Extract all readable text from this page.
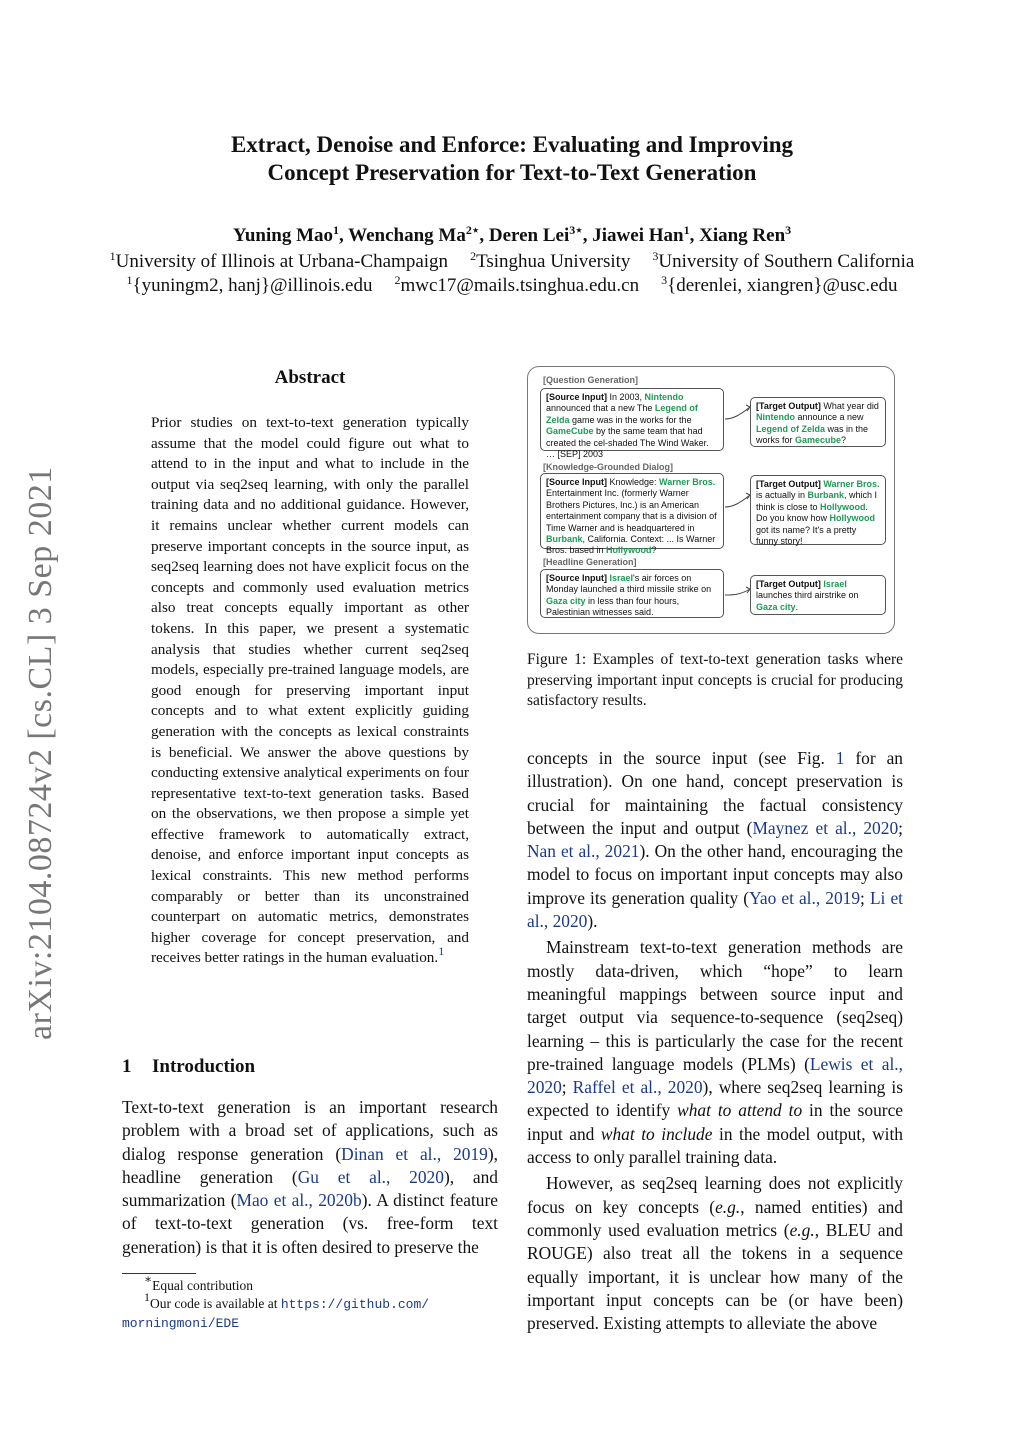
Extract, Denoise and Enforce: Evaluating and Improving
Concept Preservation for Text-to-Text Generation
Yuning Mao$^1$, Wenchang $Ma^{2⋆}$, Deren Lei$^{3⋆}$, Jiawei Han$^1$, Xiang Ren$^3$
$^1$University of Illinois at Urbana-Champaign $^2$Tsinghua University $^3$University of Southern California
$^1${yuningm2, hanj}@illinois.edu $^2$mwc17@mails.tsinghua.edu.cn $^3${derenlei, xiangren}@usc.edu
arXiv:2104.08724v2 [cs.CL] 3 Sep 2021
Abstract
Prior studies on text-to-text generation typically assume that the model could figure out what to attend to in the input and what to include in the output via seq2seq learning, with only the parallel training data and no additional guidance. However, it remains unclear whether current models can preserve important concepts in the source input, as seq2seq learning does not have explicit focus on the concepts and commonly used evaluation metrics also treat concepts equally important as other tokens. In this paper, we present a systematic analysis that studies whether current seq2seq models, especially pre-trained language models, are good enough for preserving important input concepts and to what extent explicitly guiding generation with the concepts as lexical constraints is beneficial. We answer the above questions by conducting extensive analytical experiments on four representative text-to-text generation tasks. Based on the observations, we then propose a simple yet effective framework to automatically extract, denoise, and enforce important input concepts as lexical constraints. This new method performs comparably or better than its unconstrained counterpart on automatic metrics, demonstrates higher coverage for concept preservation, and receives better ratings in the human evaluation.$^1$
1 Introduction
Text-to-text generation is an important research problem with a broad set of applications, such as dialog response generation (Dinan et al., 2019), headline generation (Gu et al., 2020), and summarization (Mao et al., 2020b). A distinct feature of text-to-text generation (vs. free-form text generation) is that it is often desired to preserve the
∗Equal contribution
$^1$Our code is available at https://github.com/
morningmoni/EDE
[Question Generation]
[Source Input] In 2003, Nintendo announced that a new The Legend of Zelda game was in the works for the GameCube by the same team that had created the cel-shaded The Wind Waker. … [SEP] 2003
[Target Output] What year did Nintendo announce a new Legend of Zelda was in the works for Gamecube?
[Knowledge-Grounded Dialog]
[Source Input] Knowledge: Warner Bros. Entertainment Inc. (formerly Warner Brothers Pictures, Inc.) is an American entertainment company that is a division of Time Warner and is headquartered in Burbank, California. Context: ... Is Warner Bros. based in Hollywood?
[Target Output] Warner Bros. is actually in Burbank, which I think is close to Hollywood. Do you know how Hollywood got its name? It's a pretty funny story!
[Headline Generation]
[Source Input] Israel's air forces on Monday launched a third missile strike on Gaza city in less than four hours, Palestinian witnesses said.
[Target Output] Israel launches third airstrike on Gaza city.
Figure 1: Examples of text-to-text generation tasks where preserving important input concepts is crucial for producing satisfactory results.

concepts in the source input (see Fig. 1 for an illustration). On one hand, concept preservation is crucial for maintaining the factual consistency between the input and output (Maynez et al., 2020; Nan et al., 2021). On the other hand, encouraging the model to focus on important input concepts may also improve its generation quality (Yao et al., 2019; Li et al., 2020).

Mainstream text-to-text generation methods are mostly data-driven, which “hope” to learn meaningful mappings between source input and target output via sequence-to-sequence (seq2seq) learning – this is particularly the case for the recent pre-trained language models (PLMs) (Lewis et al., 2020; Raffel et al., 2020), where seq2seq learning is expected to identify what to attend to in the source input and what to include in the model output, with access to only parallel training data.

However, as seq2seq learning does not explicitly focus on key concepts (e.g., named entities) and commonly used evaluation metrics (e.g., BLEU and ROUGE) also treat all the tokens in a sequence equally important, it is unclear how many of the important input concepts can be (or have been) preserved. Existing attempts to alleviate the above
